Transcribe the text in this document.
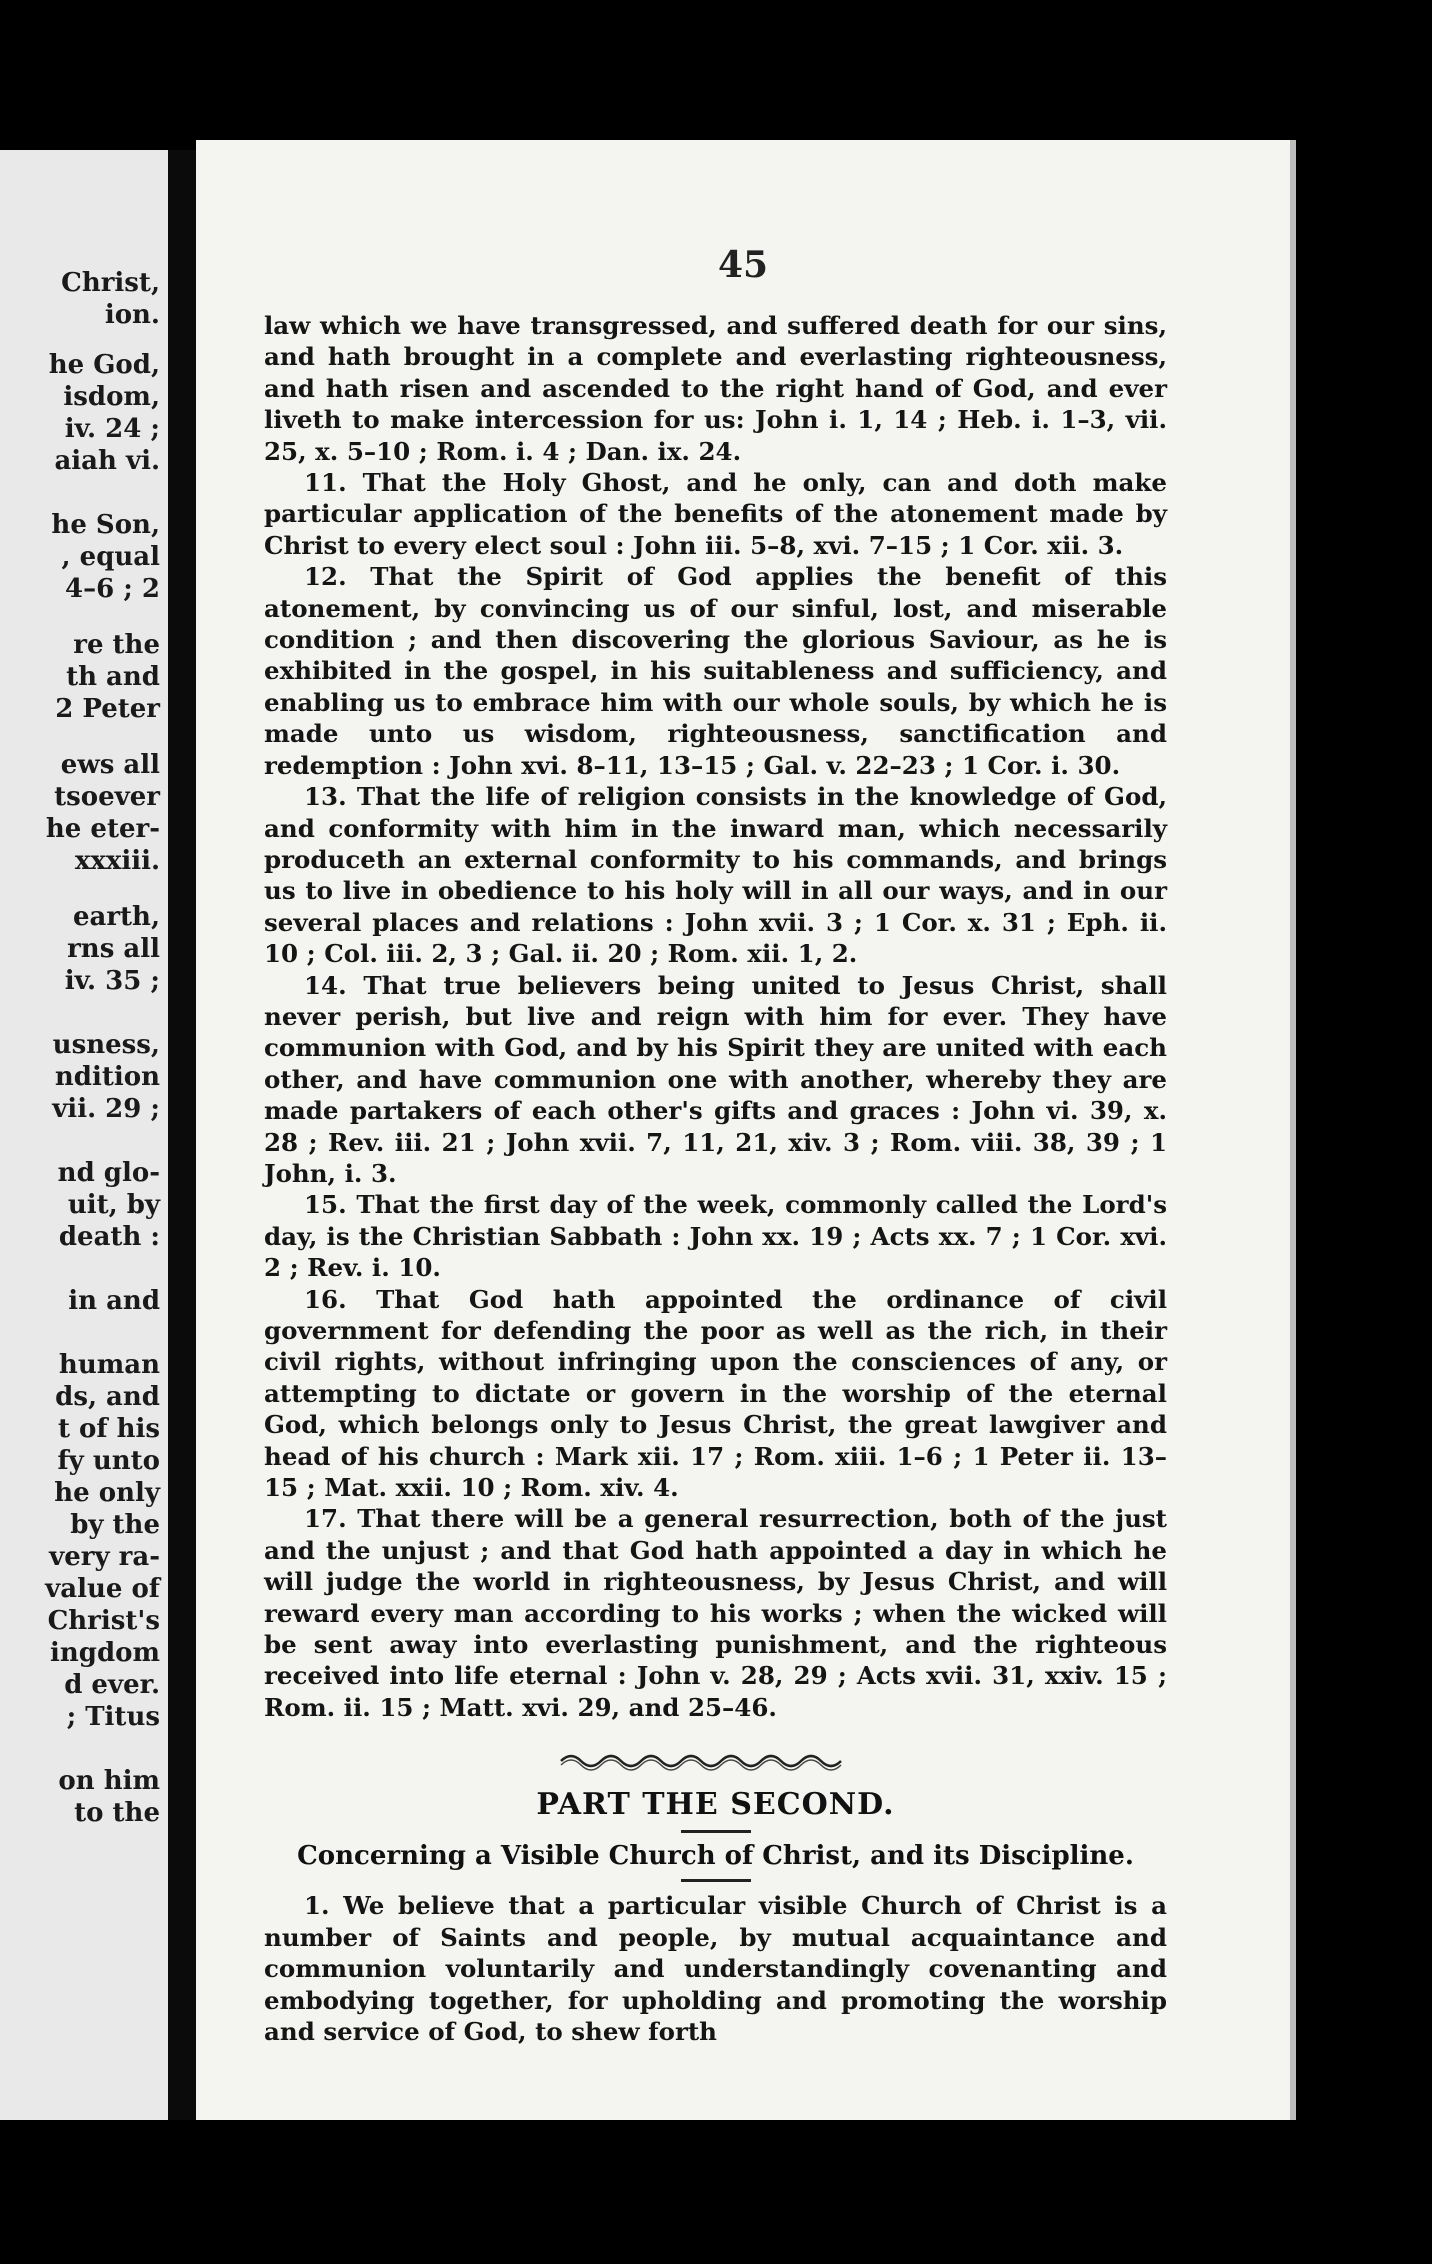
Christ,
ion.
he God,
isdom,
iv. 24 ;
aiah vi.
he Son,
, equal
4–6 ; 2
re the
th and
2 Peter
ews all
tsoever
he eter-
xxxiii.
earth,
rns all
iv. 35 ;
usness,
ndition
vii. 29 ;
nd glo-
uit, by
death :
in and
human
ds, and
t of his
fy unto
he only
by the
very ra-
value of
Christ's
ingdom
d ever.
; Titus
on him
to the
45

law which we have transgressed, and suffered death for our sins, and hath brought in a complete and everlasting righteousness, and hath risen and ascended to the right hand of God, and ever liveth to make intercession for us: John i. 1, 14 ; Heb. i. 1–3, vii. 25, x. 5–10 ; Rom. i. 4 ; Dan. ix. 24.

11. That the Holy Ghost, and he only, can and doth make particular application of the benefits of the atonement made by Christ to every elect soul : John iii. 5–8, xvi. 7–15 ; 1 Cor. xii. 3.

12. That the Spirit of God applies the benefit of this atonement, by convincing us of our sinful, lost, and miserable condition ; and then discovering the glorious Saviour, as he is exhibited in the gospel, in his suitableness and sufficiency, and enabling us to embrace him with our whole souls, by which he is made unto us wisdom, righteousness, sanctification and redemption : John xvi. 8–11, 13–15 ; Gal. v. 22–23 ; 1 Cor. i. 30.

13. That the life of religion consists in the knowledge of God, and conformity with him in the inward man, which necessarily produceth an external conformity to his commands, and brings us to live in obedience to his holy will in all our ways, and in our several places and relations : John xvii. 3 ; 1 Cor. x. 31 ; Eph. ii. 10 ; Col. iii. 2, 3 ; Gal. ii. 20 ; Rom. xii. 1, 2.

14. That true believers being united to Jesus Christ, shall never perish, but live and reign with him for ever. They have communion with God, and by his Spirit they are united with each other, and have communion one with another, whereby they are made partakers of each other's gifts and graces : John vi. 39, x. 28 ; Rev. iii. 21 ; John xvii. 7, 11, 21, xiv. 3 ; Rom. viii. 38, 39 ; 1 John, i. 3.

15. That the first day of the week, commonly called the Lord's day, is the Christian Sabbath : John xx. 19 ; Acts xx. 7 ; 1 Cor. xvi. 2 ; Rev. i. 10.

16. That God hath appointed the ordinance of civil government for defending the poor as well as the rich, in their civil rights, without infringing upon the consciences of any, or attempting to dictate or govern in the worship of the eternal God, which belongs only to Jesus Christ, the great lawgiver and head of his church : Mark xii. 17 ; Rom. xiii. 1–6 ; 1 Peter ii. 13–15 ; Mat. xxii. 10 ; Rom. xiv. 4.

17. That there will be a general resurrection, both of the just and the unjust ; and that God hath appointed a day in which he will judge the world in righteousness, by Jesus Christ, and will reward every man according to his works ; when the wicked will be sent away into everlasting punishment, and the righteous received into life eternal : John v. 28, 29 ; Acts xvii. 31, xxiv. 15 ; Rom. ii. 15 ; Matt. xvi. 29, and 25–46.

PART THE SECOND.
Concerning a Visible Church of Christ, and its Discipline.

1. We believe that a particular visible Church of Christ is a number of Saints and people, by mutual acquaintance and communion voluntarily and understandingly covenanting and embodying together, for upholding and promoting the worship and service of God, to shew forth
